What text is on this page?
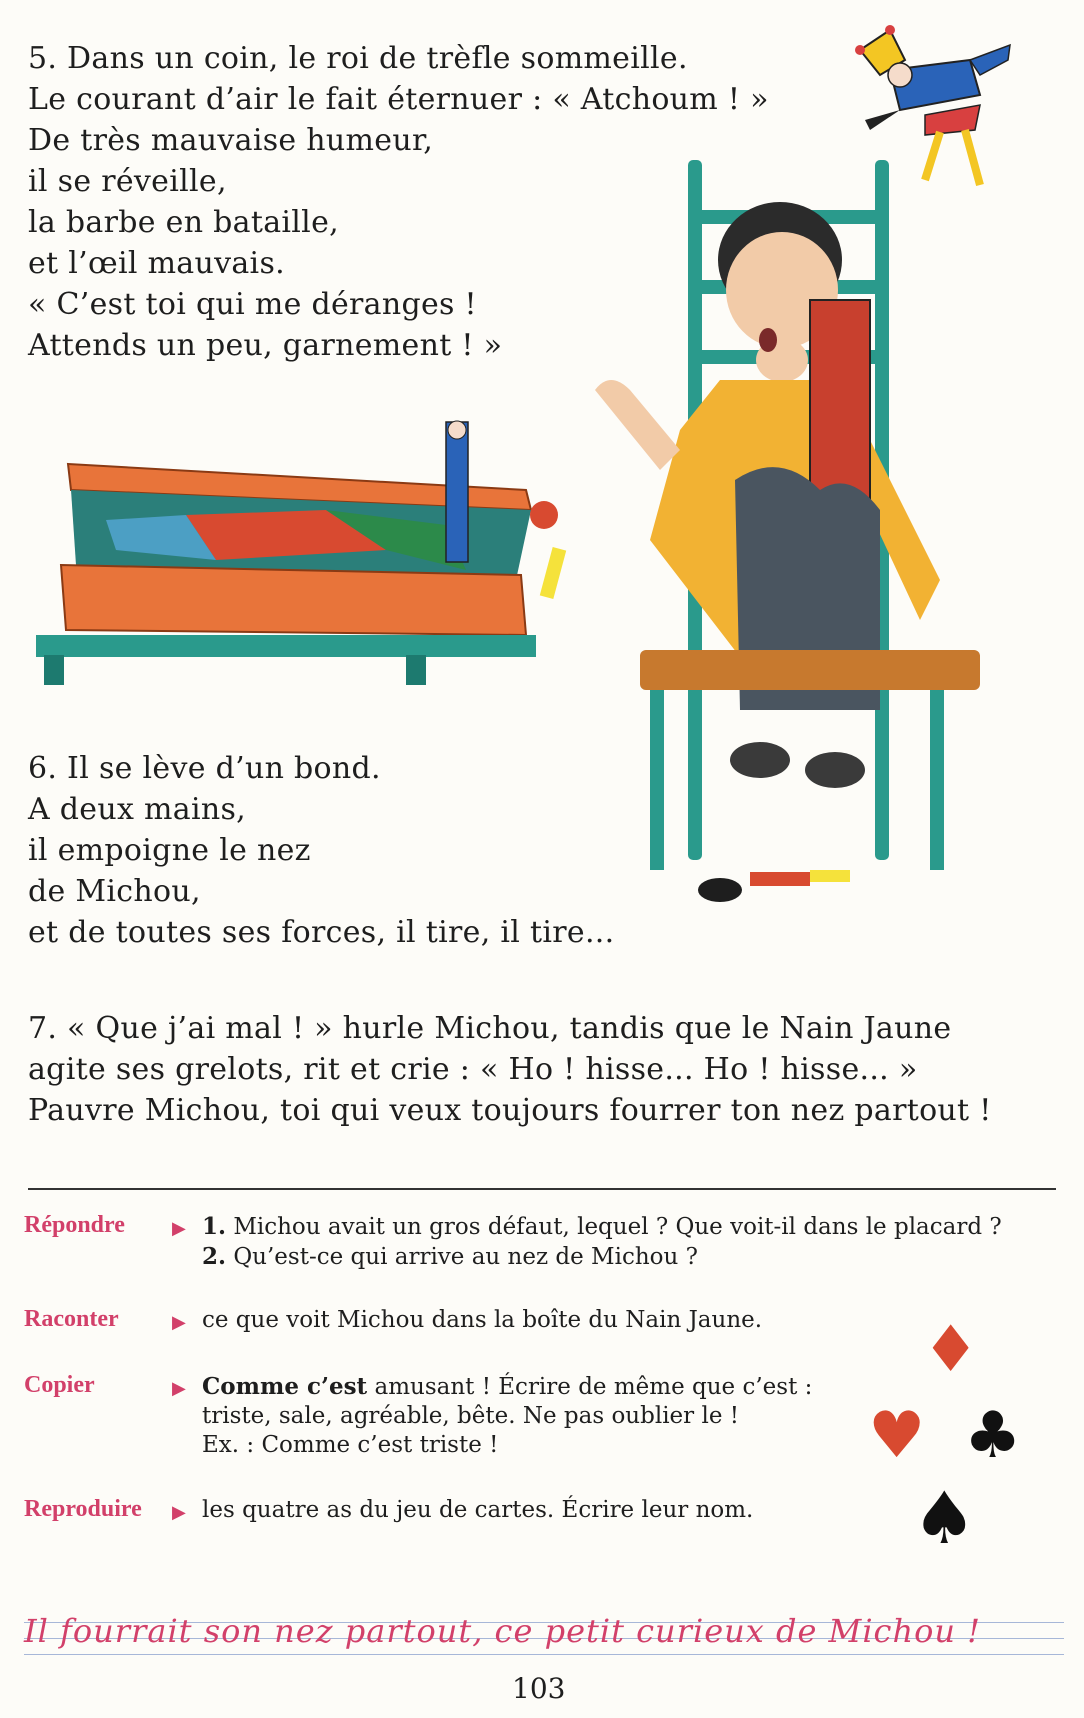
5. Dans un coin, le roi de trèfle sommeille.
Le courant d’air le fait éternuer : « Atchoum ! »
De très mauvaise humeur,
il se réveille,
la barbe en bataille,
et l’œil mauvais.
« C’est toi qui me déranges !
Attends un peu, garnement ! »
6. Il se lève d’un bond.
A deux mains,
il empoigne le nez
de Michou,
et de toutes ses forces, il tire, il tire...
7. « Que j’ai mal ! » hurle Michou, tandis que le Nain Jaune
agite ses grelots, rit et crie : « Ho ! hisse... Ho ! hisse... »
Pauvre Michou, toi qui veux toujours fourrer ton nez partout !
Répondre	▶ 1. Michou avait un gros défaut, lequel ? Que voit-il dans le placard ?
2. Qu’est-ce qui arrive au nez de Michou ?
Raconter	▶ ce que voit Michou dans la boîte du Nain Jaune.
Copier	▶ Comme c’est amusant ! Écrire de même que c’est :
triste, sale, agréable, bête. Ne pas oublier le !
Ex. : Comme c’est triste !
Reproduire ▶ les quatre as du jeu de cartes. Écrire leur nom.
♦
♥ ♣
♠
Il fourrait son nez partout, ce petit curieux de Michou !
103
